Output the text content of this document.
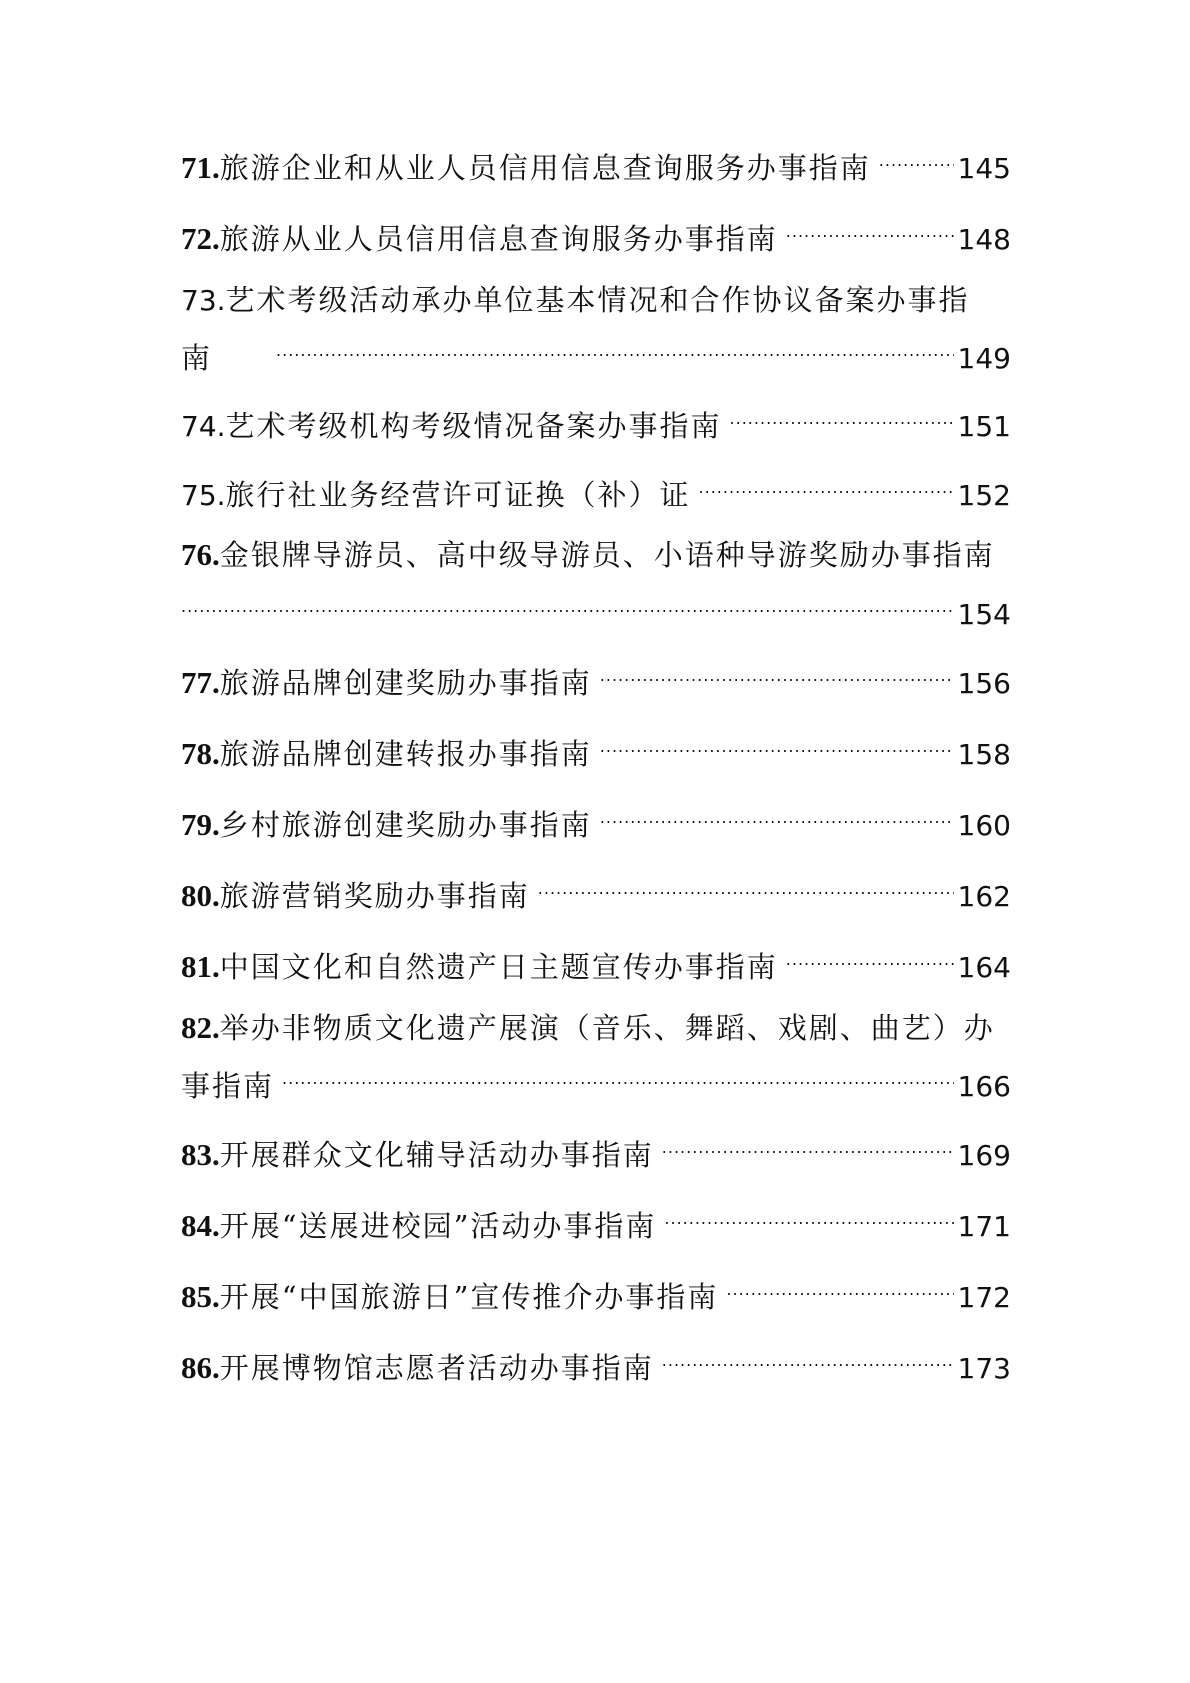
71. 旅游企业和从业人员信用信息查询服务办事指南 .....	145
72. 旅游从业人员信用信息查询服务办事指南 .....	148
73.艺术考级活动承办单位基本情况和合作协议备案办事指
南 .....	149
74. 艺术考级机构考级情况备案办事指南 .....	151
75. 旅行社业务经营许可证换（补）证 .....	152
76.金银牌导游员、高中级导游员、小语种导游奖励办事指南
.....
154
77. 旅游品牌创建奖励办事指南 .....	156
78. 旅游品牌创建转报办事指南 .....	158
79. 乡村旅游创建奖励办事指南 .....	160
80. 旅游营销奖励办事指南 .....	162
81. 中国文化和自然遗产日主题宣传办事指南 .....	164
82.举办非物质文化遗产展演（音乐、舞蹈、戏剧、曲艺）办
事指南 .....	166
83. 开展群众文化辅导活动办事指南 .....	169
84. 开展“送展进校园”活动办事指南 .....	171
85. 开展“中国旅游日”宣传推介办事指南 .....	172
86. 开展博物馆志愿者活动办事指南 .....	173
